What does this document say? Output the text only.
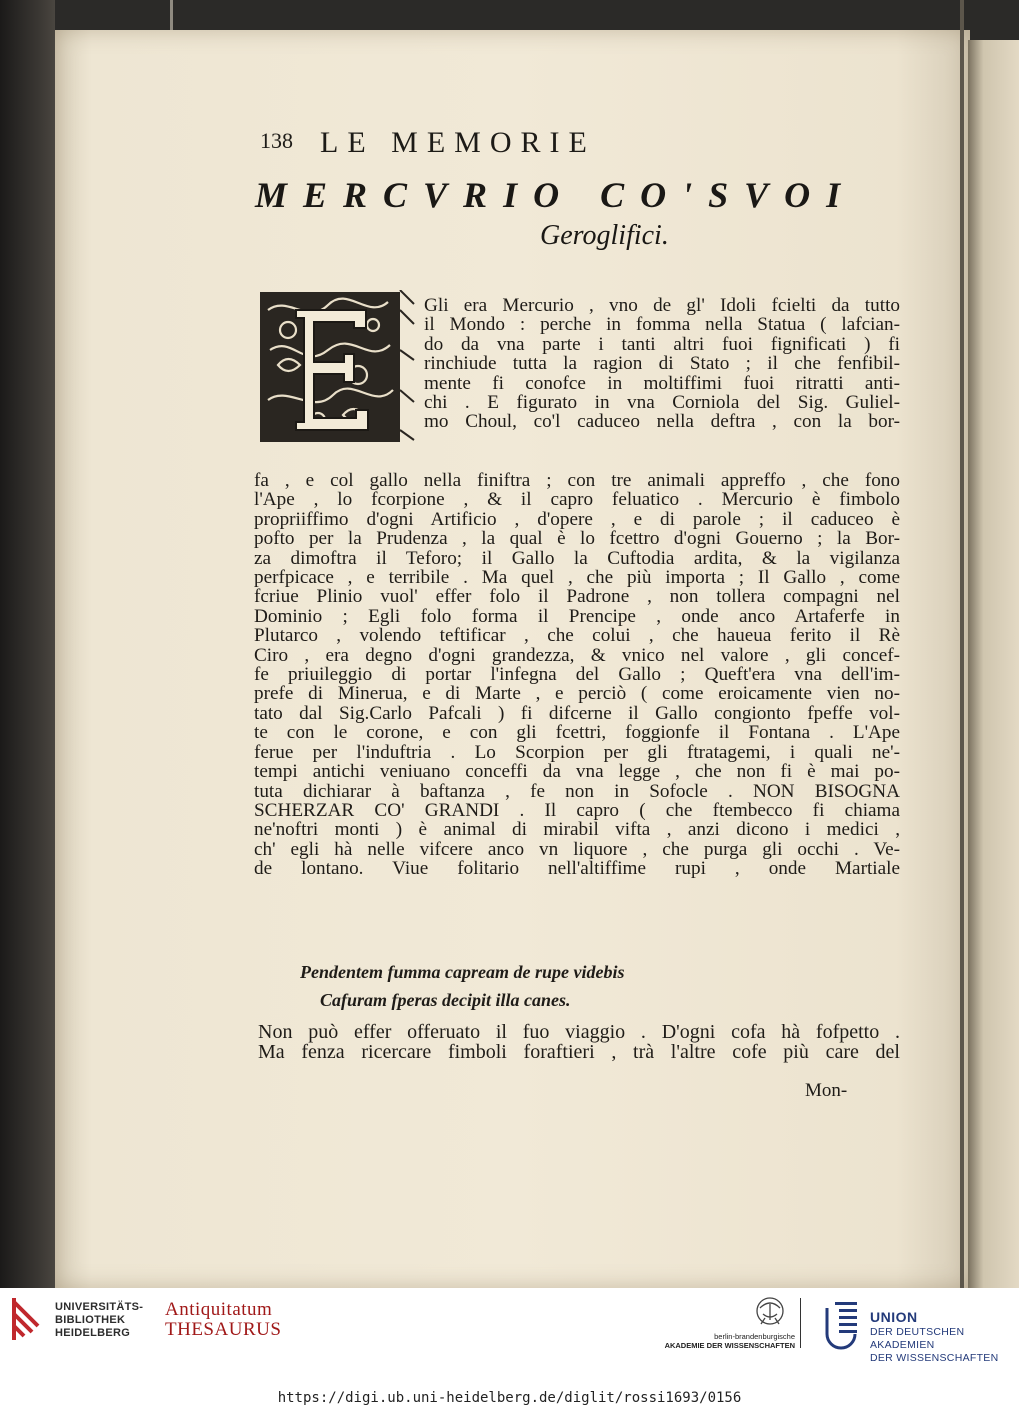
138 LE MEMORIE
MERCVRIO CO'SVOI
Geroglifici.
Gli era Mercurio , vno de gl' Idoli fcielti da tutto
il Mondo : perche in fomma nella Statua ( lafcian-
do da vna parte i tanti altri fuoi fignificati ) fi
rinchiude tutta la ragion di Stato ; il che fenfibil-
mente fi conofce in moltiffimi fuoi ritratti anti-
chi . E figurato in vna Corniola del Sig. Guliel-
mo Choul, co'l caduceo nella deftra , con la bor-
fa , e col gallo nella finiftra ; con tre animali appreffo , che fono
l'Ape , lo fcorpione , & il capro feluatico . Mercurio è fimbolo
propriiffimo d'ogni Artificio , d'opere , e di parole ; il caduceo è
pofto per la Prudenza , la qual è lo fcettro d'ogni Gouerno ; la Bor-
za dimoftra il Teforo; il Gallo la Cuftodia ardita, & la vigilanza
perfpicace , e terribile . Ma quel , che più importa ; Il Gallo , come
fcriue Plinio vuol' effer folo il Padrone , non tollera compagni nel
Dominio ; Egli folo forma il Prencipe , onde anco Artaferfe in
Plutarco , volendo teftificar , che colui , che haueua ferito il Rè
Ciro , era degno d'ogni grandezza, & vnico nel valore , gli concef-
fe priuileggio di portar l'infegna del Gallo ; Queft'era vna dell'im-
prefe di Minerua, e di Marte , e perciò ( come eroicamente vien no-
tato dal Sig.Carlo Pafcali ) fi difcerne il Gallo congionto fpeffe vol-
te con le corone, e con gli fcettri, foggionfe il Fontana . L'Ape
ferue per l'induftria . Lo Scorpion per gli ftratagemi, i quali ne'-
tempi antichi veniuano conceffi da vna legge , che non fi è mai po-
tuta dichiarar à baftanza , fe non in Sofocle . NON BISOGNA
SCHERZAR CO' GRANDI . Il capro ( che ftembecco fi chiama
ne'noftri monti ) è animal di mirabil vifta , anzi dicono i medici ,
ch' egli hà nelle vifcere anco vn liquore , che purga gli occhi . Ve-
de lontano. Viue folitario nell'altiffime rupi , onde Martiale
Pendentem fumma capream de rupe videbis
Cafuram fperas decipit illa canes.
Non può effer offeruato il fuo viaggio . D'ogni cofa hà fofpetto .
Ma fenza ricercare fimboli foraftieri , trà l'altre cofe più care del
Mon-
UNIVERSITÄTS-
BIBLIOTHEK
HEIDELBERG
Antiquitatum
THESAURUS	berlin-brandenburgische
AKADEMIE DER WISSENSCHAFTEN
UNION
DER DEUTSCHEN AKADEMIEN
DER WISSENSCHAFTEN
https://digi.ub.uni-heidelberg.de/diglit/rossi1693/0156
